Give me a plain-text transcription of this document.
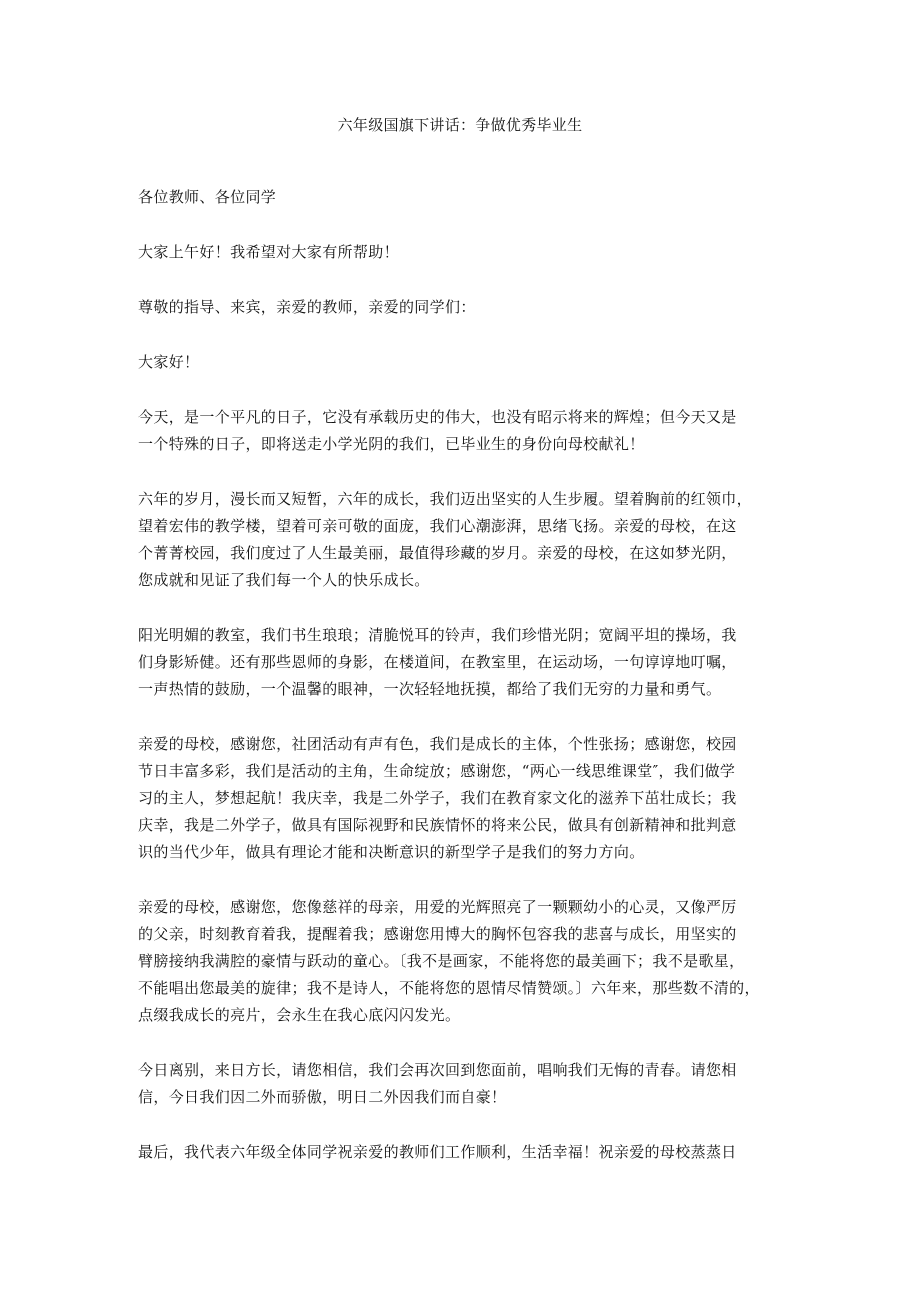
六年级国旗下讲话：争做优秀毕业生

各位教师、各位同学

大家上午好！我希望对大家有所帮助！

尊敬的指导、来宾，亲爱的教师，亲爱的同学们：

大家好！

今天，是一个平凡的日子，它没有承载历史的伟大，也没有昭示将来的辉煌；但今天又是
一个特殊的日子，即将送走小学光阴的我们，已毕业生的身份向母校献礼！

六年的岁月，漫长而又短暂，六年的成长，我们迈出坚实的人生步履。望着胸前的红领巾，
望着宏伟的教学楼，望着可亲可敬的面庞，我们心潮澎湃，思绪飞扬。亲爱的母校，在这
个菁菁校园，我们度过了人生最美丽，最值得珍藏的岁月。亲爱的母校，在这如梦光阴，
您成就和见证了我们每一个人的快乐成长。

阳光明媚的教室，我们书生琅琅；清脆悦耳的铃声，我们珍惜光阴；宽阔平坦的操场，我
们身影矫健。还有那些恩师的身影，在楼道间，在教室里，在运动场，一句谆谆地叮嘱，
一声热情的鼓励，一个温馨的眼神，一次轻轻地抚摸，都给了我们无穷的力量和勇气。

亲爱的母校，感谢您，社团活动有声有色，我们是成长的主体，个性张扬；感谢您，校园
节日丰富多彩，我们是活动的主角，生命绽放；感谢您，“两心一线思维课堂″，我们做学
习的主人，梦想起航！我庆幸，我是二外学子，我们在教育家文化的滋养下茁壮成长；我
庆幸，我是二外学子，做具有国际视野和民族情怀的将来公民，做具有创新精神和批判意
识的当代少年，做具有理论才能和决断意识的新型学子是我们的努力方向。

亲爱的母校，感谢您，您像慈祥的母亲，用爱的光辉照亮了一颗颗幼小的心灵，又像严厉
的父亲，时刻教育着我，提醒着我；感谢您用博大的胸怀包容我的悲喜与成长，用坚实的
臂膀接纳我满腔的豪情与跃动的童心。〔我不是画家，不能将您的最美画下；我不是歌星，
不能唱出您最美的旋律；我不是诗人，不能将您的恩情尽情赞颂。〕六年来，那些数不清的，
点缀我成长的亮片，会永生在我心底闪闪发光。

今日离别，来日方长，请您相信，我们会再次回到您面前，唱响我们无悔的青春。请您相
信，今日我们因二外而骄傲，明日二外因我们而自豪！

最后，我代表六年级全体同学祝亲爱的教师们工作顺利，生活幸福！祝亲爱的母校蒸蒸日
